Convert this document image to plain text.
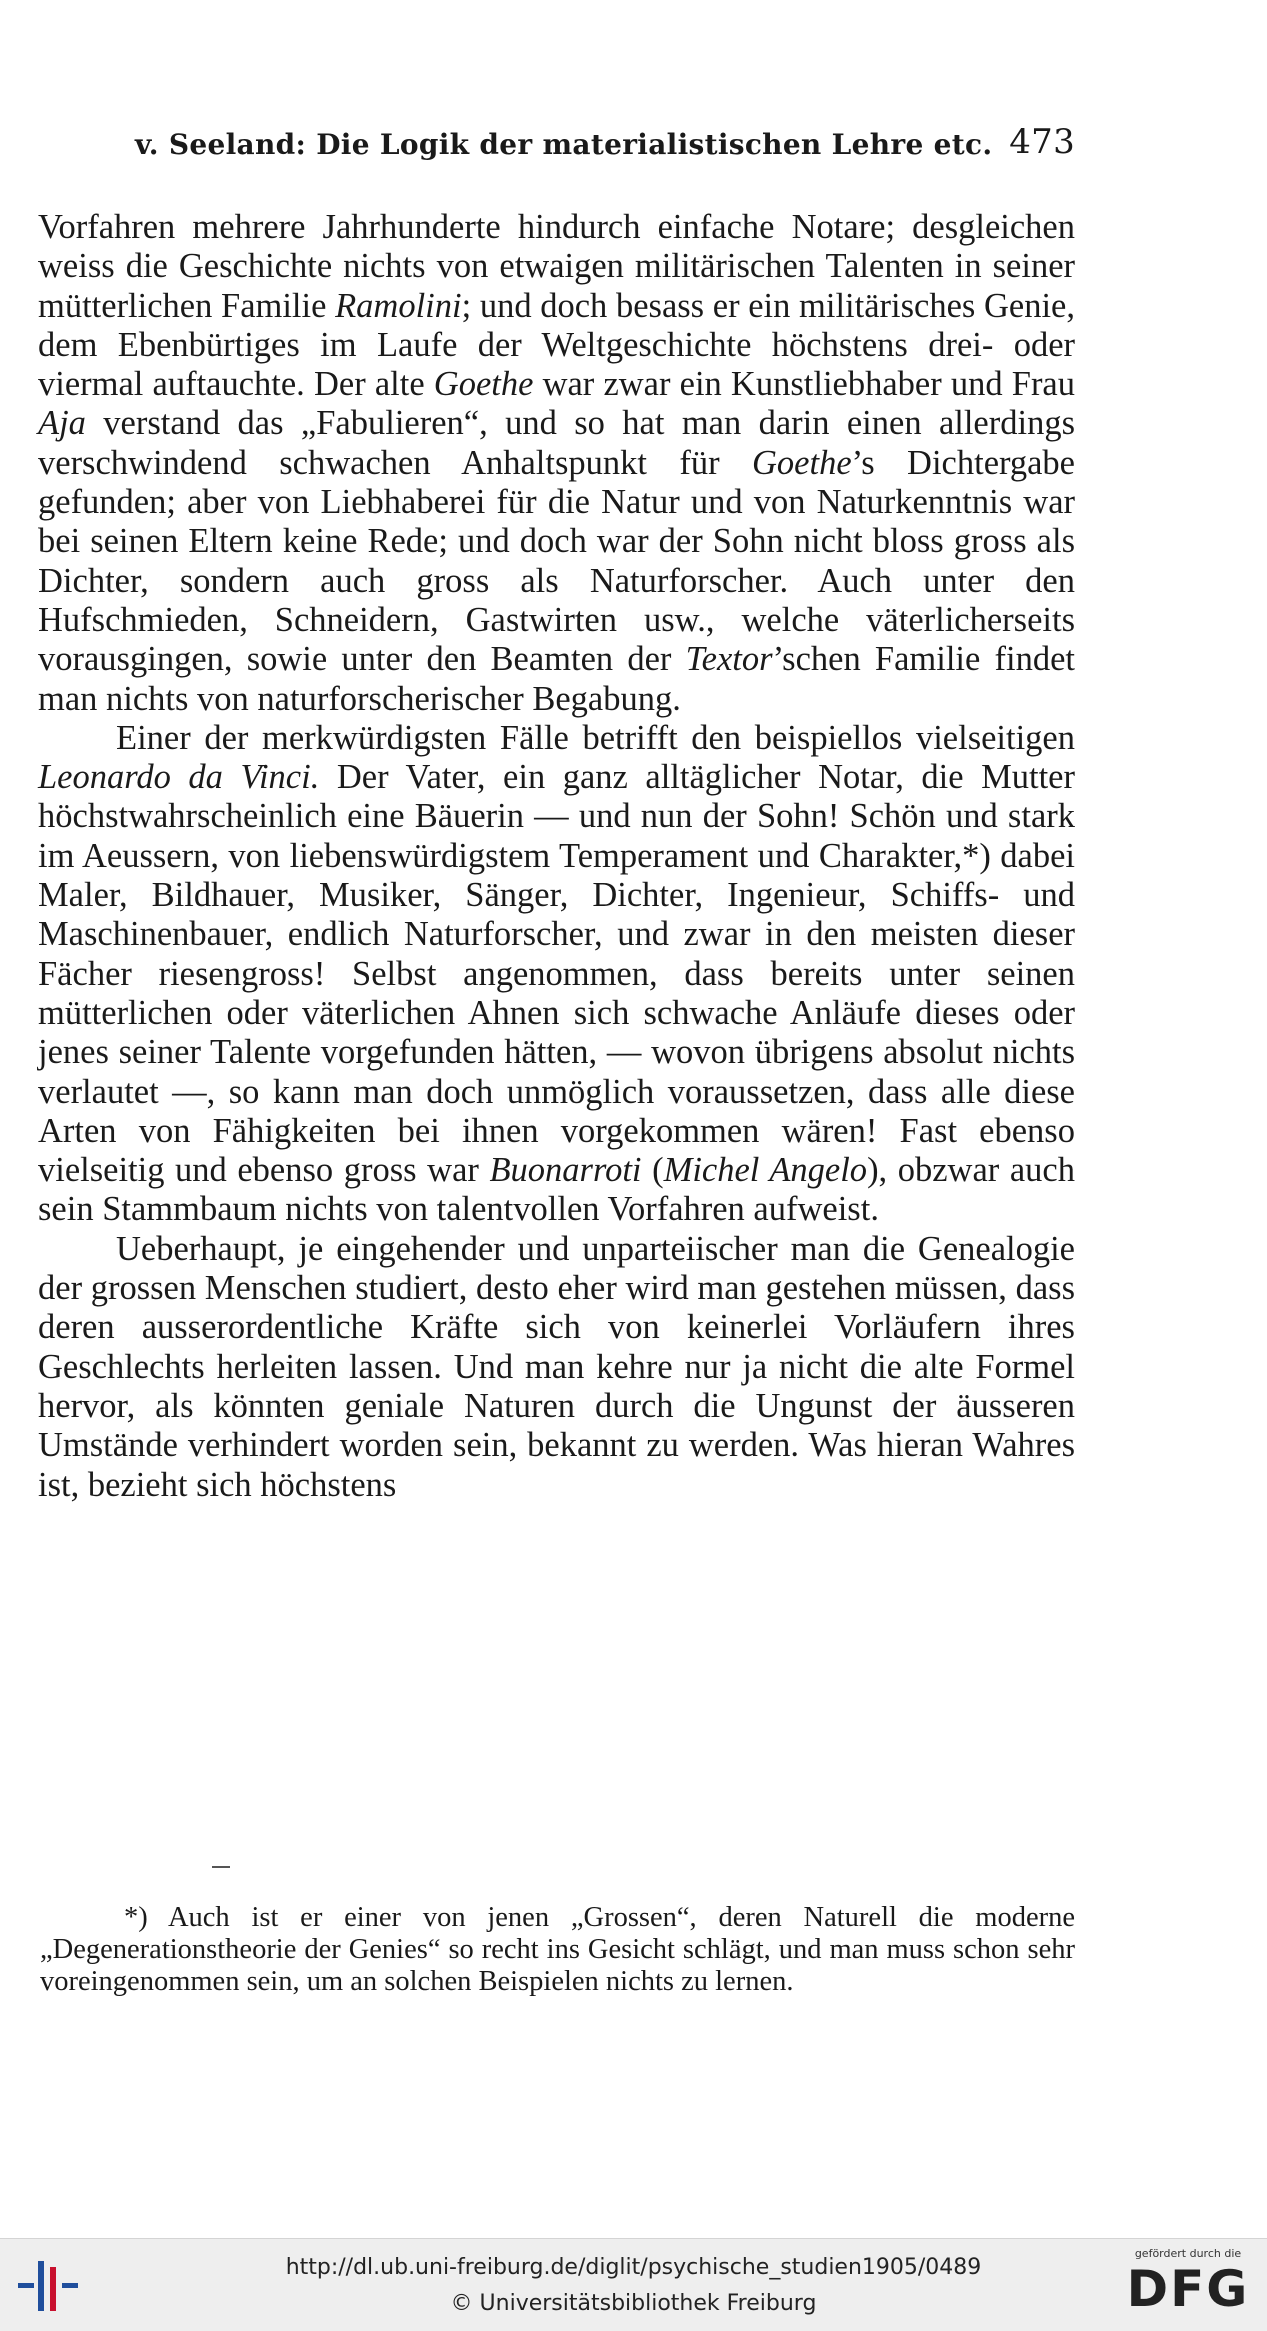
v. Seeland: Die Logik der materialistischen Lehre etc. 473

Vorfahren mehrere Jahrhunderte hindurch einfache Notare; desgleichen weiss die Geschichte nichts von etwaigen militärischen Talenten in seiner mütterlichen Familie Ramolini; und doch besass er ein militärisches Genie, dem Ebenbürtiges im Laufe der Weltgeschichte höchstens drei- oder viermal auftauchte. Der alte Goethe war zwar ein Kunstliebhaber und Frau Aja verstand das „Fabulieren“, und so hat man darin einen allerdings verschwindend schwachen Anhaltspunkt für Goethe’s Dichtergabe gefunden; aber von Liebhaberei für die Natur und von Naturkenntnis war bei seinen Eltern keine Rede; und doch war der Sohn nicht bloss gross als Dichter, sondern auch gross als Naturforscher. Auch unter den Hufschmieden, Schneidern, Gastwirten usw., welche väterlicherseits vorausgingen, sowie unter den Beamten der Textor’schen Familie findet man nichts von naturforscherischer Begabung.

Einer der merkwürdigsten Fälle betrifft den beispiellos vielseitigen Leonardo da Vinci. Der Vater, ein ganz alltäglicher Notar, die Mutter höchstwahrscheinlich eine Bäuerin — und nun der Sohn! Schön und stark im Aeussern, von liebenswürdigstem Temperament und Charakter,*) dabei Maler, Bildhauer, Musiker, Sänger, Dichter, Ingenieur, Schiffs- und Maschinenbauer, endlich Naturforscher, und zwar in den meisten dieser Fächer riesengross! Selbst angenommen, dass bereits unter seinen mütterlichen oder väterlichen Ahnen sich schwache Anläufe dieses oder jenes seiner Talente vorgefunden hätten, — wovon übrigens absolut nichts verlautet —, so kann man doch unmöglich voraussetzen, dass alle diese Arten von Fähigkeiten bei ihnen vorgekommen wären! Fast ebenso vielseitig und ebenso gross war Buonarroti (Michel Angelo), obzwar auch sein Stammbaum nichts von talentvollen Vorfahren aufweist.

Ueberhaupt, je eingehender und unparteiischer man die Genealogie der grossen Menschen studiert, desto eher wird man gestehen müssen, dass deren ausserordentliche Kräfte sich von keinerlei Vorläufern ihres Geschlechts herleiten lassen. Und man kehre nur ja nicht die alte Formel hervor, als könnten geniale Naturen durch die Ungunst der äusseren Umstände verhindert worden sein, bekannt zu werden. Was hieran Wahres ist, bezieht sich höchstens

*) Auch ist er einer von jenen „Grossen“, deren Naturell die moderne „Degenerationstheorie der Genies“ so recht ins Gesicht schlägt, und man muss schon sehr voreingenommen sein, um an solchen Beispielen nichts zu lernen.

http://dl.ub.uni-freiburg.de/diglit/psychische_studien1905/0489
© Universitätsbibliothek Freiburg
gefördert durch die
DFG
